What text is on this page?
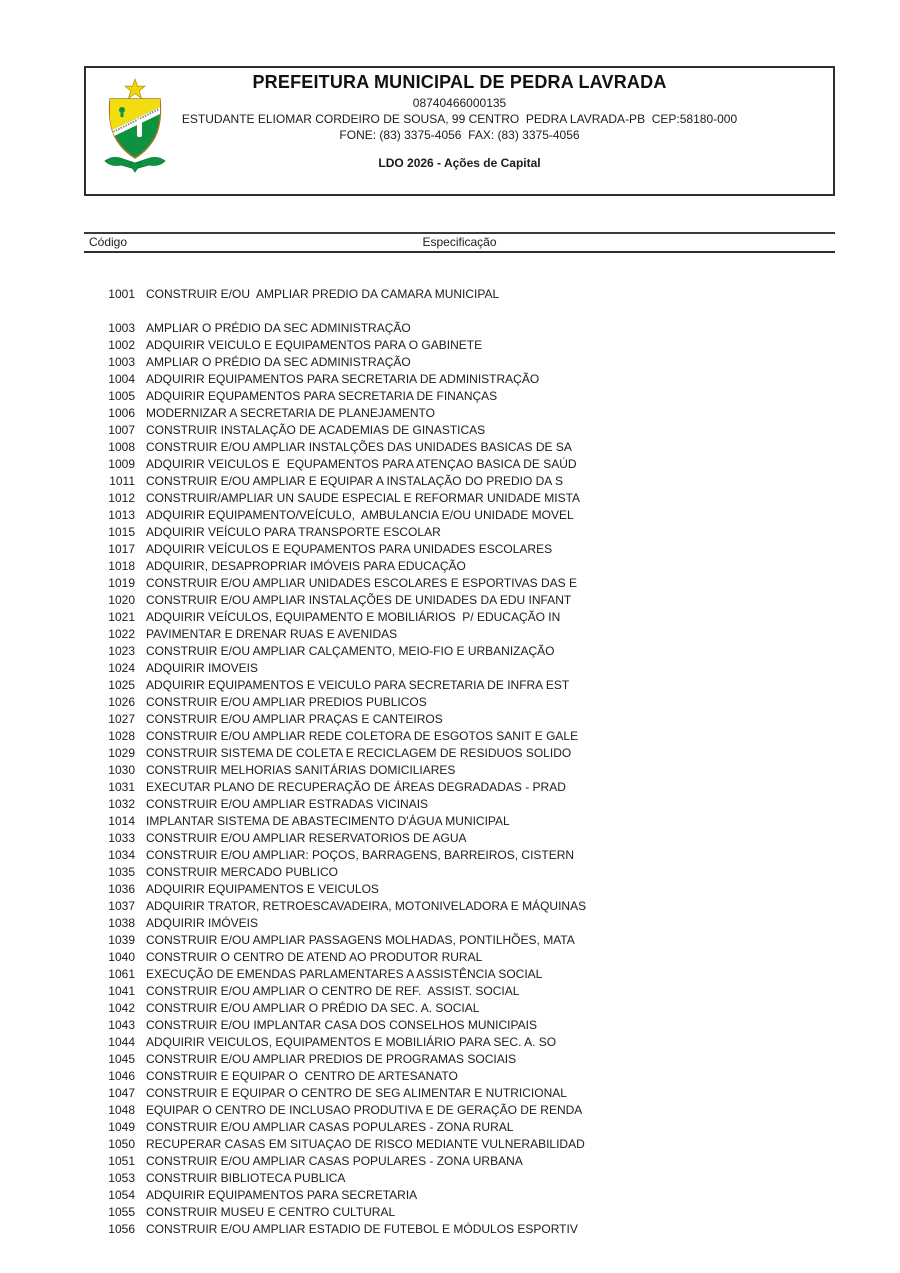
PREFEITURA MUNICIPAL DE PEDRA LAVRADA
08740466000135
ESTUDANTE ELIOMAR CORDEIRO DE SOUSA, 99 CENTRO  PEDRA LAVRADA-PB  CEP:58180-000
FONE: (83) 3375-4056  FAX: (83) 3375-4056
LDO 2026 - Ações de Capital
Código	Especificação
1001 CONSTRUIR E/OU  AMPLIAR PREDIO DA CAMARA MUNICIPAL
1003 AMPLIAR O PRÉDIO DA SEC ADMINISTRAÇÃO
1002 ADQUIRIR VEICULO E EQUIPAMENTOS PARA O GABINETE
1003 AMPLIAR O PRÉDIO DA SEC ADMINISTRAÇÃO
1004 ADQUIRIR EQUIPAMENTOS PARA SECRETARIA DE ADMINISTRAÇÃO
1005 ADQUIRIR EQUPAMENTOS PARA SECRETARIA DE FINANÇAS
1006 MODERNIZAR A SECRETARIA DE PLANEJAMENTO
1007 CONSTRUIR INSTALAÇÃO DE ACADEMIAS DE GINASTICAS
1008 CONSTRUIR E/OU AMPLIAR INSTALÇÕES DAS UNIDADES BASICAS DE SA
1009 ADQUIRIR VEICULOS E  EQUPAMENTOS PARA ATENÇAO BASICA DE SAÚD
1011 CONSTRUIR E/OU AMPLIAR E EQUIPAR A INSTALAÇÃO DO PREDIO DA S
1012 CONSTRUIR/AMPLIAR UN SAUDE ESPECIAL E REFORMAR UNIDADE MISTA
1013 ADQUIRIR EQUIPAMENTO/VEÍCULO,  AMBULANCIA E/OU UNIDADE MOVEL
1015 ADQUIRIR VEÍCULO PARA TRANSPORTE ESCOLAR
1017 ADQUIRIR VEÍCULOS E EQUPAMENTOS PARA UNIDADES ESCOLARES
1018 ADQUIRIR, DESAPROPRIAR IMÓVEIS PARA EDUCAÇÃO
1019 CONSTRUIR E/OU AMPLIAR UNIDADES ESCOLARES E ESPORTIVAS DAS E
1020 CONSTRUIR E/OU AMPLIAR INSTALAÇÕES DE UNIDADES DA EDU INFANT
1021 ADQUIRIR VEÍCULOS, EQUIPAMENTO E MOBILIÁRIOS  P/ EDUCAÇÃO IN
1022 PAVIMENTAR E DRENAR RUAS E AVENIDAS
1023 CONSTRUIR E/OU AMPLIAR CALÇAMENTO, MEIO-FIO E URBANIZAÇÃO
1024 ADQUIRIR IMOVEIS
1025 ADQUIRIR EQUIPAMENTOS E VEICULO PARA SECRETARIA DE INFRA EST
1026 CONSTRUIR E/OU AMPLIAR PREDIOS PUBLICOS
1027 CONSTRUIR E/OU AMPLIAR PRAÇAS E CANTEIROS
1028 CONSTRUIR E/OU AMPLIAR REDE COLETORA DE ESGOTOS SANIT E GALE
1029 CONSTRUIR SISTEMA DE COLETA E RECICLAGEM DE RESIDUOS SOLIDO
1030 CONSTRUIR MELHORIAS SANITÁRIAS DOMICILIARES
1031 EXECUTAR PLANO DE RECUPERAÇÃO DE ÁREAS DEGRADADAS - PRAD
1032 CONSTRUIR E/OU AMPLIAR ESTRADAS VICINAIS
1014 IMPLANTAR SISTEMA DE ABASTECIMENTO D'ÁGUA MUNICIPAL
1033 CONSTRUIR E/OU AMPLIAR RESERVATORIOS DE AGUA
1034 CONSTRUIR E/OU AMPLIAR: POÇOS, BARRAGENS, BARREIROS, CISTERN
1035 CONSTRUIR MERCADO PUBLICO
1036 ADQUIRIR EQUIPAMENTOS E VEICULOS
1037 ADQUIRIR TRATOR, RETROESCAVADEIRA, MOTONIVELADORA E MÁQUINAS
1038 ADQUIRIR IMÓVEIS
1039 CONSTRUIR E/OU AMPLIAR PASSAGENS MOLHADAS, PONTILHÕES, MATA
1040 CONSTRUIR O CENTRO DE ATEND AO PRODUTOR RURAL
1061 EXECUÇÃO DE EMENDAS PARLAMENTARES A ASSISTÊNCIA SOCIAL
1041 CONSTRUIR E/OU AMPLIAR O CENTRO DE REF.  ASSIST. SOCIAL
1042 CONSTRUIR E/OU AMPLIAR O PRÉDIO DA SEC. A. SOCIAL
1043 CONSTRUIR E/OU IMPLANTAR CASA DOS CONSELHOS MUNICIPAIS
1044 ADQUIRIR VEICULOS, EQUIPAMENTOS E MOBILIÁRIO PARA SEC. A. SO
1045 CONSTRUIR E/OU AMPLIAR PREDIOS DE PROGRAMAS SOCIAIS
1046 CONSTRUIR E EQUIPAR O  CENTRO DE ARTESANATO
1047 CONSTRUIR E EQUIPAR O CENTRO DE SEG ALIMENTAR E NUTRICIONAL
1048 EQUIPAR O CENTRO DE INCLUSAO PRODUTIVA E DE GERAÇÃO DE RENDA
1049 CONSTRUIR E/OU AMPLIAR CASAS POPULARES - ZONA RURAL
1050 RECUPERAR CASAS EM SITUAÇAO DE RISCO MEDIANTE VULNERABILIDAD
1051 CONSTRUIR E/OU AMPLIAR CASAS POPULARES - ZONA URBANA
1053 CONSTRUIR BIBLIOTECA PUBLICA
1054 ADQUIRIR EQUIPAMENTOS PARA SECRETARIA
1055 CONSTRUIR MUSEU E CENTRO CULTURAL
1056 CONSTRUIR E/OU AMPLIAR ESTADIO DE FUTEBOL E MÓDULOS ESPORTIV
